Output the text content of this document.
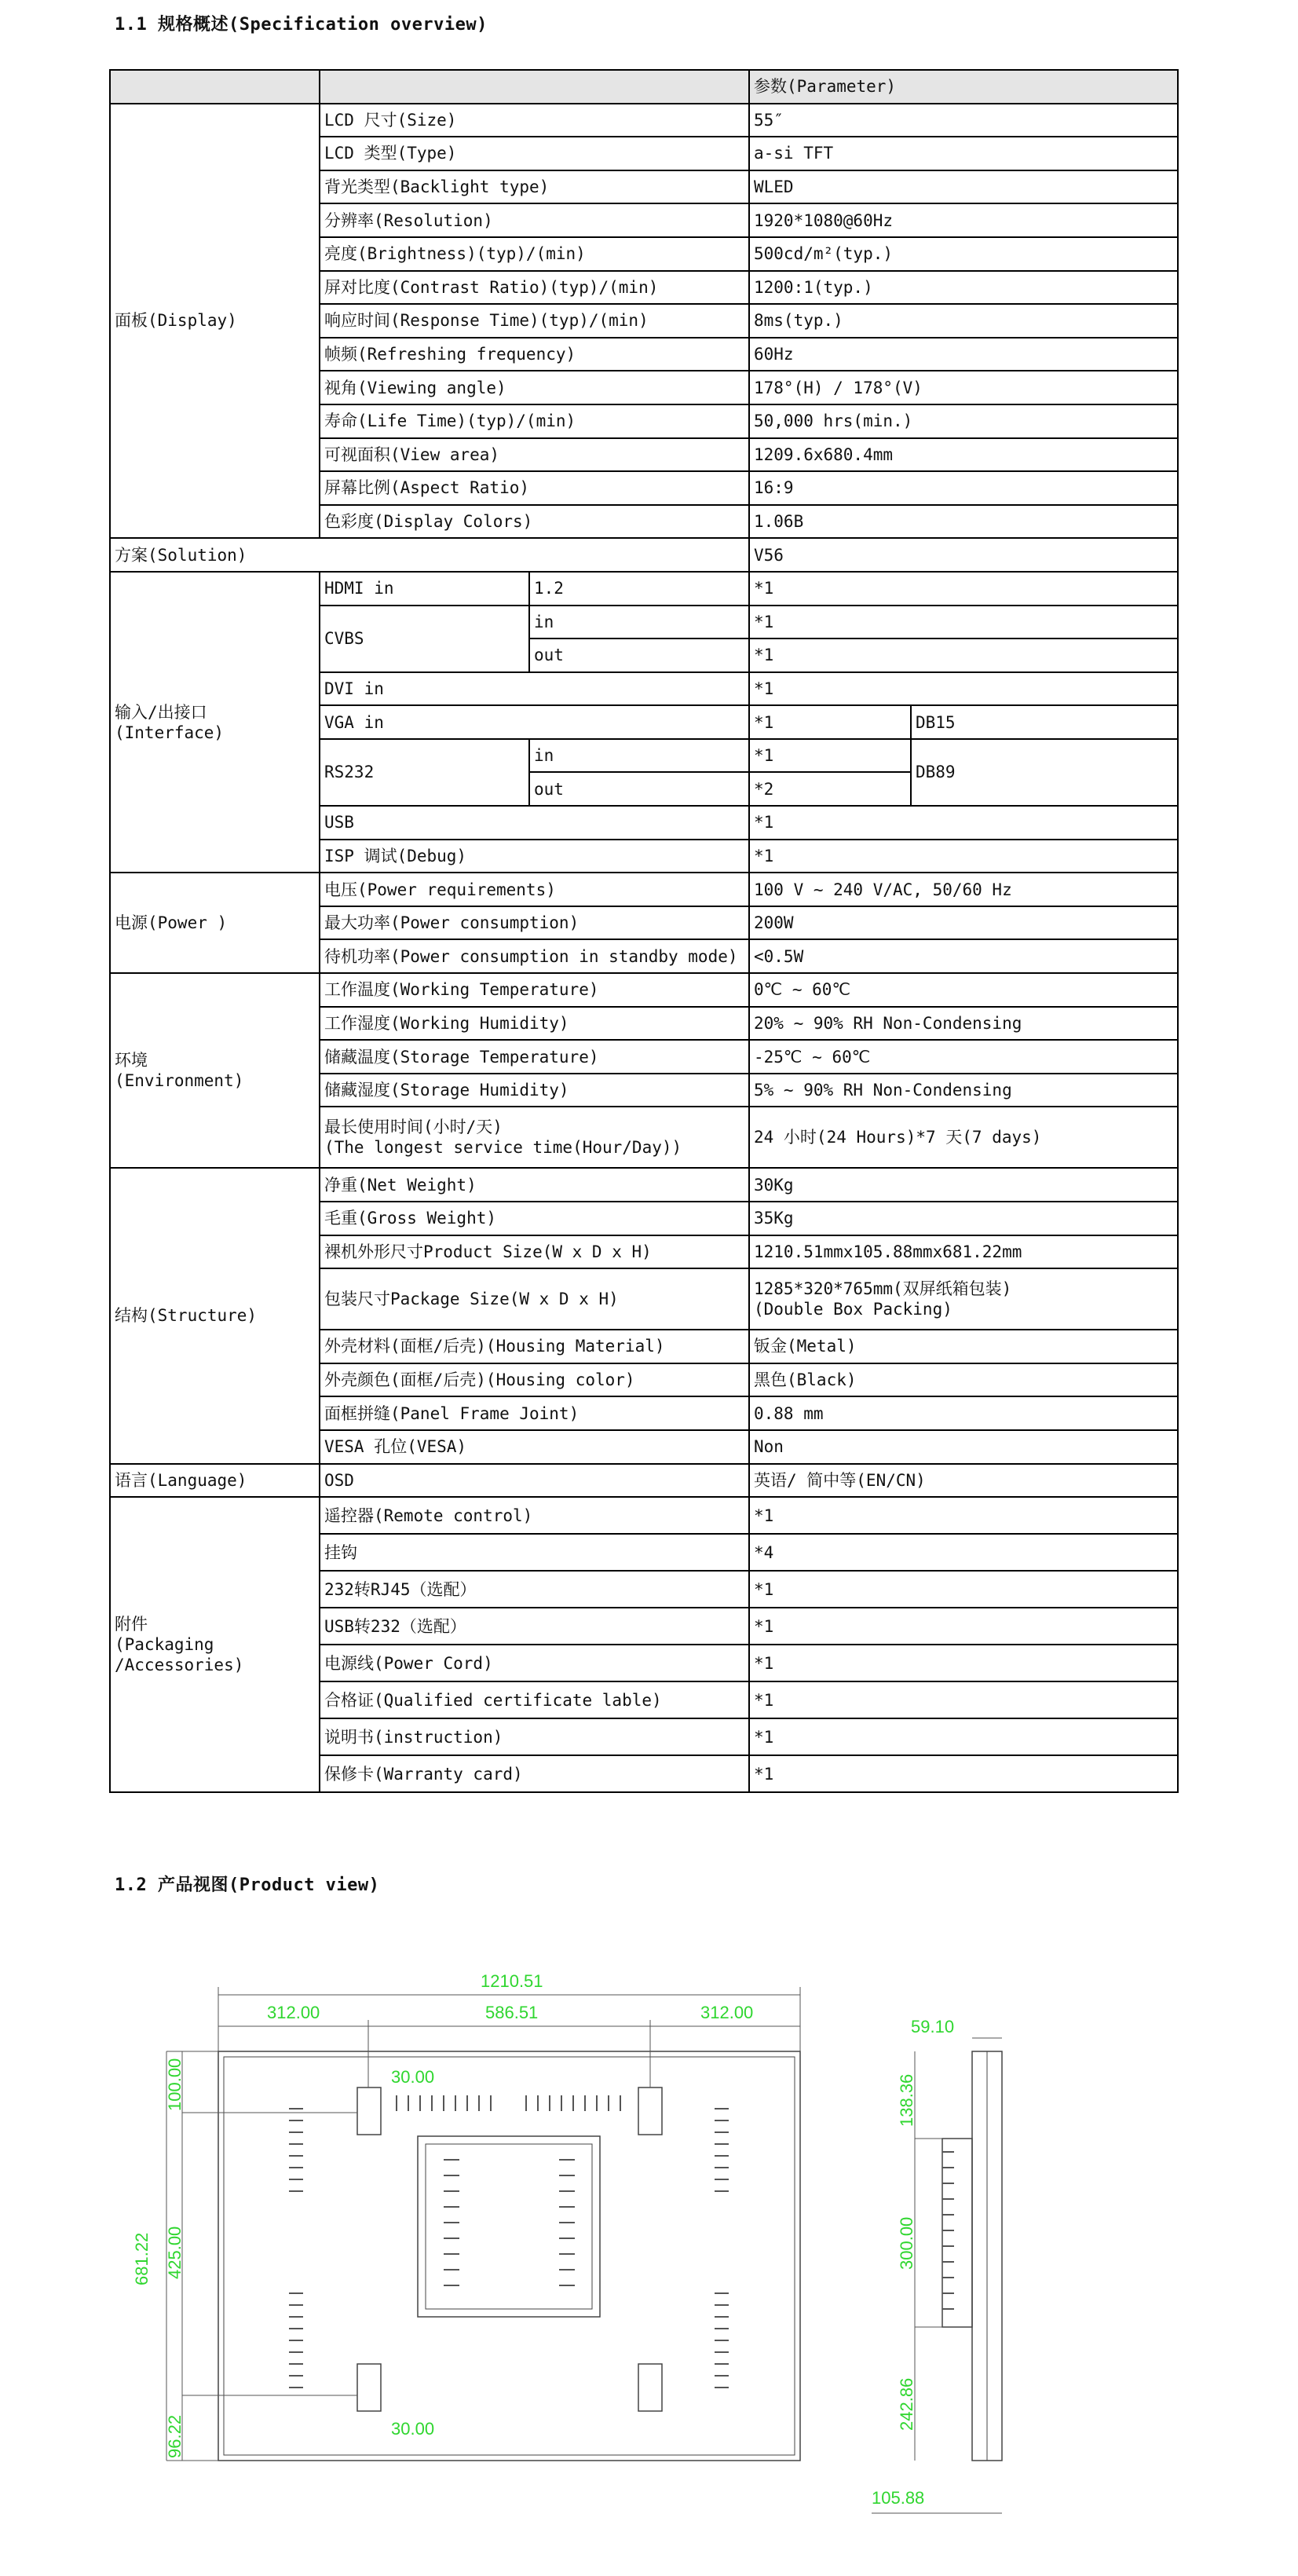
1.1 规格概述(Specification overview)
			参数(Parameter)	
面板(Display)	LCD 尺寸(Size)		55″	
	LCD 类型(Type)		a-si TFT	
	背光类型(Backlight type)		WLED	
	分辨率(Resolution)		1920*1080@60Hz	
	亮度(Brightness)(typ)/(min)		500cd/m²(typ.)	
	屏对比度(Contrast Ratio)(typ)/(min)		1200:1(typ.)	
	响应时间(Response Time)(typ)/(min)		8ms(typ.)	
	帧频(Refreshing frequency)		60Hz	
	视角(Viewing angle)		178°(H) / 178°(V)	
	寿命(Life Time)(typ)/(min)		50,000 hrs(min.)	
	可视面积(View area)		1209.6x680.4mm	
	屏幕比例(Aspect Ratio)		16:9	
	色彩度(Display Colors)		1.06B	
方案(Solution)			V56	
输入/出接口
(Interface)	HDMI in	1.2	*1	
	CVBS	in	*1	
		out	*1	
	DVI in		*1	
	VGA in		*1	DB15
	RS232	in	*1	DB89
		out	*2	
	USB		*1	
	ISP 调试(Debug)		*1	
电源(Power )	电压(Power requirements)		100 V ~ 240 V/AC, 50/60 Hz	
	最大功率(Power consumption)		200W	
	待机功率(Power consumption in standby mode)		<0.5W	
环境
(Environment)	工作温度(Working Temperature)		0℃ ~ 60℃	
	工作湿度(Working Humidity)		20% ~ 90% RH Non-Condensing	
	储藏温度(Storage Temperature)		-25℃ ~ 60℃	
	储藏湿度(Storage Humidity)		5% ~ 90% RH Non-Condensing	
	最长使用时间(小时/天)
(The longest service time(Hour/Day))		24 小时(24 Hours)*7 天(7 days)	
结构(Structure)	净重(Net Weight)		30Kg	
	毛重(Gross Weight)		35Kg	
	裸机外形尺寸Product Size(W x D x H)		1210.51mmx105.88mmx681.22mm	
	包装尺寸Package Size(W x D x H)		1285*320*765mm(双屏纸箱包装)
(Double Box Packing)	
	外壳材料(面框/后壳)(Housing Material)		钣金(Metal)	
	外壳颜色(面框/后壳)(Housing color)		黑色(Black)	
	面框拼缝(Panel Frame Joint)		0.88 mm	
	VESA 孔位(VESA)		Non	
语言(Language)	OSD		英语/ 简中等(EN/CN)	
附件
(Packaging
/Accessories)	遥控器(Remote control)		*1	
	挂钩		*4	
	232转RJ45（选配）		*1	
	USB转232（选配）		*1	
	电源线(Power Cord)		*1	
	合格证(Qualified certificate lable)		*1	
	说明书(instruction)		*1	
	保修卡(Warranty card)		*1	
1.2 产品视图(Product view)
1210.51
312.00	586.51	312.00
30.00
30.00
59.10
105.88
100.00
681.22 425.00
96.22
138.36
300.00
242.86
